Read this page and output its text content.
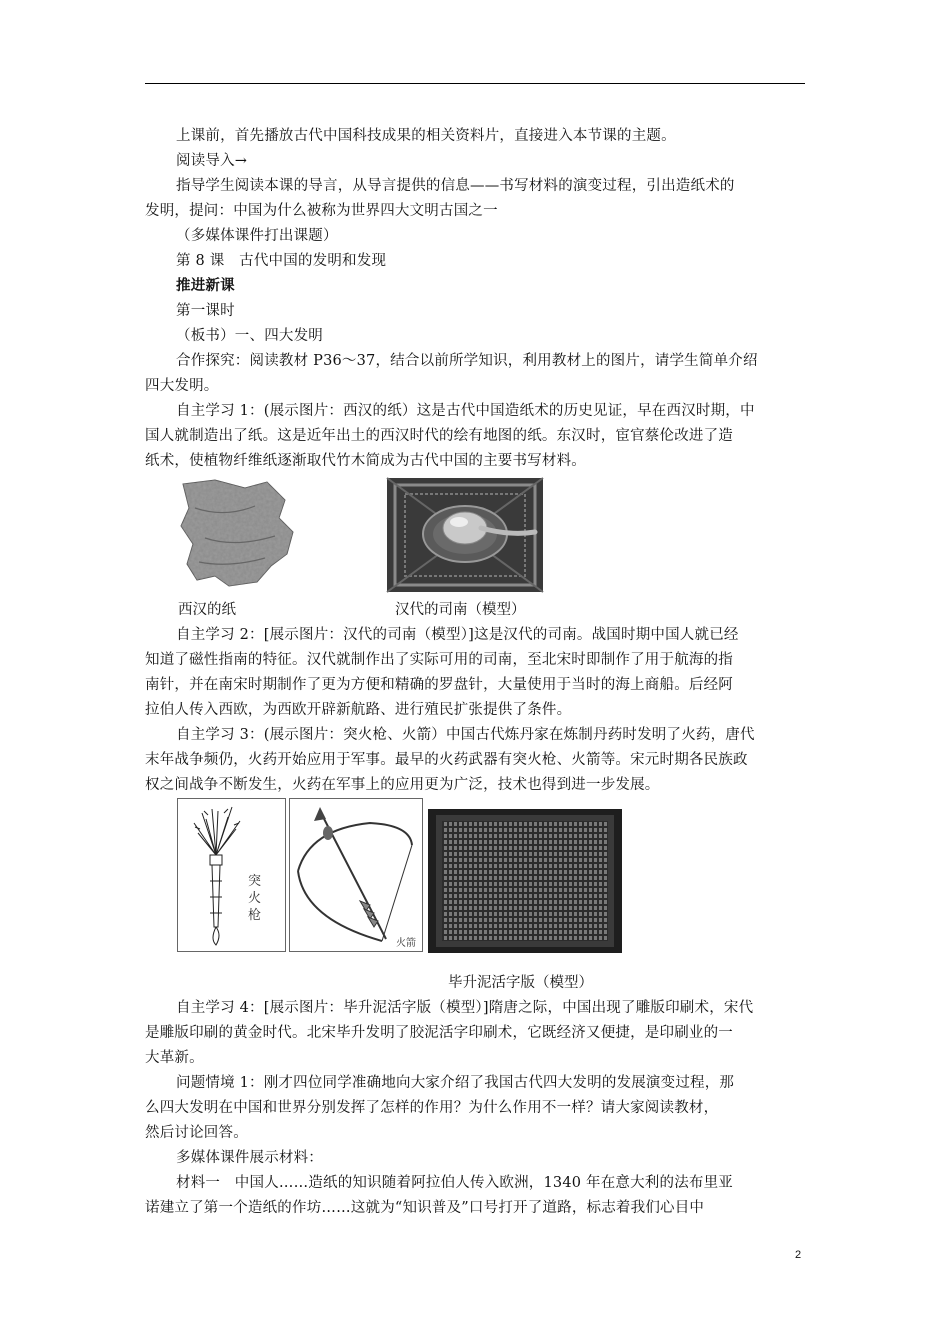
上课前，首先播放古代中国科技成果的相关资料片，直接进入本节课的主题。
阅读导入→
指导学生阅读本课的导言，从导言提供的信息——书写材料的演变过程，引出造纸术的
发明，提问：中国为什么被称为世界四大文明古国之一
（多媒体课件打出课题）
第 8 课　古代中国的发明和发现
推进新课
第一课时
（板书）一、四大发明
合作探究：阅读教材 P36～37，结合以前所学知识，利用教材上的图片，请学生简单介绍
四大发明。
自主学习 1：(展示图片：西汉的纸）这是古代中国造纸术的历史见证，早在西汉时期，中
国人就制造出了纸。这是近年出土的西汉时代的绘有地图的纸。东汉时，宦官蔡伦改进了造
纸术，使植物纤维纸逐渐取代竹木简成为古代中国的主要书写材料。
西汉的纸	汉代的司南（模型）
自主学习 2：[展示图片：汉代的司南（模型）]这是汉代的司南。战国时期中国人就已经
知道了磁性指南的特征。汉代就制作出了实际可用的司南，至北宋时即制作了用于航海的指
南针，并在南宋时期制作了更为方便和精确的罗盘针，大量使用于当时的海上商船。后经阿
拉伯人传入西欧，为西欧开辟新航路、进行殖民扩张提供了条件。
自主学习 3：(展示图片：突火枪、火箭）中国古代炼丹家在炼制丹药时发明了火药，唐代
末年战争频仍，火药开始应用于军事。最早的火药武器有突火枪、火箭等。宋元时期各民族政
权之间战争不断发生，火药在军事上的应用更为广泛，技术也得到进一步发展。
突火枪
火箭
毕升泥活字版（模型）
自主学习 4：[展示图片：毕升泥活字版（模型）]隋唐之际，中国出现了雕版印刷术，宋代
是雕版印刷的黄金时代。北宋毕升发明了胶泥活字印刷术，它既经济又便捷，是印刷业的一
大革新。
问题情境 1：刚才四位同学准确地向大家介绍了我国古代四大发明的发展演变过程，那
么四大发明在中国和世界分别发挥了怎样的作用？为什么作用不一样？请大家阅读教材，
然后讨论回答。
多媒体课件展示材料：
材料一　中国人……造纸的知识随着阿拉伯人传入欧洲，1340 年在意大利的法布里亚
诺建立了第一个造纸的作坊……这就为“知识普及”口号打开了道路，标志着我们心目中
2
